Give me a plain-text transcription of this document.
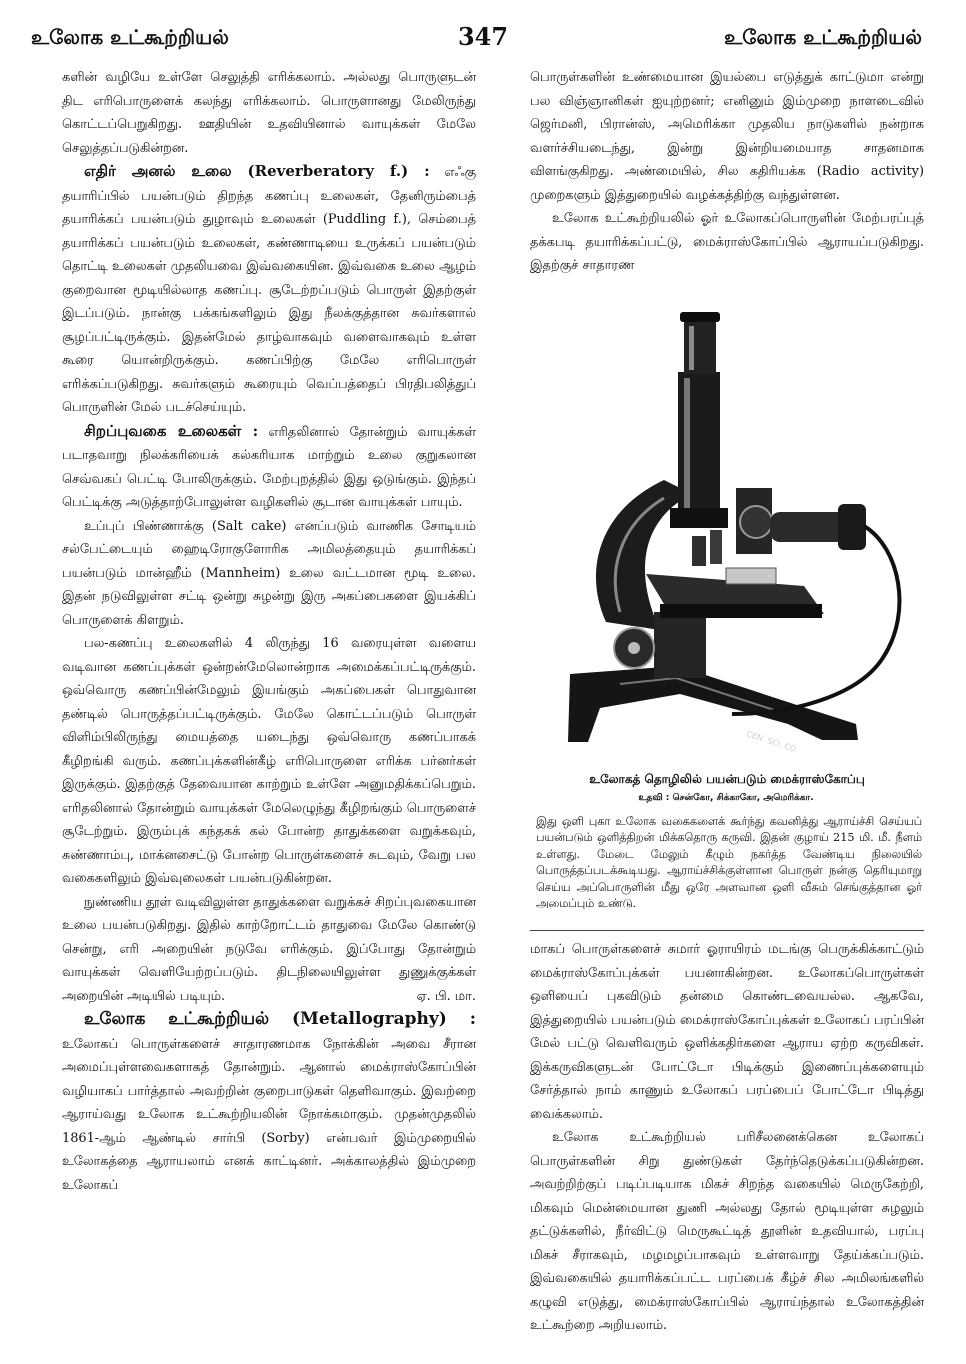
உலோக உட்கூற்றியல்	347	உலோக உட்கூற்றியல்

களின் வழியே உள்ளே செலுத்தி எரிக்கலாம். அல்லது பொருளுடன் திட எரிபொருளைக் கலந்து எரிக்கலாம். பொருளானது மேலிருந்து கொட்டப்பெறுகிறது. ஊதியின் உதவியினால் வாயுக்கள் மேலே செலுத்தப்படுகின்றன.

எதிர் அனல் உலை (Reverberatory f.) : எஃகு தயாரிப்பில் பயன்படும் திறந்த கணப்பு உலைகள், தேனிரும்பைத் தயாரிக்கப் பயன்படும் துழாவும் உலைகள் (Puddling f.), செம்பைத் தயாரிக்கப் பயன்படும் உலைகள், கண்ணாடியை உருக்கப் பயன்படும் தொட்டி உலைகள் முதலியவை இவ்வகையின. இவ்வகை உலை ஆழம் குறைவான மூடியில்லாத கணப்பு. சூடேற்றப்படும் பொருள் இதற்குள் இடப்படும். நான்கு பக்கங்களிலும் இது நீலக்குத்தான சுவர்களால் சூழப்பட்டிருக்கும். இதன்மேல் தாழ்வாகவும் வளைவாகவும் உள்ள கூரை யொன்றிருக்கும். கணப்பிற்கு மேலே எரிபொருள் எரிக்கப்படுகிறது. சுவர்களும் கூரையும் வெப்பத்தைப் பிரதிபலித்துப் பொருளின் மேல் படச்செய்யும்.

சிறப்புவகை உலைகள் : எரிதலினால் தோன்றும் வாயுக்கள் படாதவாறு நிலக்கரியைக் கல்கரியாக மாற்றும் உலை குறுகலான செவ்வகப் பெட்டி போலிருக்கும். மேற்புறத்தில் இது ஒடுங்கும். இந்தப் பெட்டிக்கு அடுத்தாற்போலுள்ள வழிகளில் சூடான வாயுக்கள் பாயும்.

உப்புப் பிண்ணாக்கு (Salt cake) எனப்படும் வாணிக சோடியம் சல்பேட்டையும் ஹைடிரோகுளோரிக அமிலத்தையும் தயாரிக்கப் பயன்படும் மான்ஹீம் (Mannheim) உலை வட்டமான மூடி உலை. இதன் நடுவிலுள்ள சட்டி ஒன்று சுழன்று இரு அகப்பைகளை இயக்கிப் பொருளைக் கிளறும்.

பல-கணப்பு உலைகளில் 4 லிருந்து 16 வரையுள்ள வளைய வடிவான கணப்புக்கள் ஒன்றன்மேலொன்றாக அமைக்கப்பட்டிருக்கும். ஒவ்வொரு கணப்பின்மேலும் இயங்கும் அகப்பைகள் பொதுவான தண்டில் பொருத்தப்பட்டிருக்கும். மேலே கொட்டப்படும் பொருள் விளிம்பிலிருந்து மையத்தை யடைந்து ஒவ்வொரு கணப்பாகக் கீழிறங்கி வரும். கணப்புக்களின்கீழ் எரிபொருளை எரிக்க பர்னர்கள் இருக்கும். இதற்குத் தேவையான காற்றும் உள்ளே அனுமதிக்கப்பெறும். எரிதலினால் தோன்றும் வாயுக்கள் மேலெழுந்து கீழிறங்கும் பொருளைச் சூடேற்றும். இரும்புக் கந்தகக் கல் போன்ற தாதுக்களை வறுக்கவும், சுண்ணாம்பு, மாக்னசைட்டு போன்ற பொருள்களைச் சுடவும், வேறு பல வகைகளிலும் இவ்வுலைகள் பயன்படுகின்றன.

நுண்ணிய தூள் வடிவிலுள்ள தாதுக்களை வறுக்கச் சிறப்புவகையான உலை பயன்படுகிறது. இதில் காற்றோட்டம் தாதுவை மேலே கொண்டு சென்று, எரி அறையின் நடுவே எரிக்கும். இப்போது தோன்றும் வாயுக்கள் வெளியேற்றப்படும். திடநிலையிலுள்ள துணுக்குக்கள் அறையின் அடியில் படியும்.	ஏ. பி. மா.

உலோக உட்கூற்றியல் (Metallography) : உலோகப் பொருள்களைச் சாதாரணமாக நோக்கின் அவை சீரான அமைப்புள்ளவைகளாகத் தோன்றும். ஆனால் மைக்ராஸ்கோப்பின் வழியாகப் பார்த்தால் அவற்றின் குறைபாடுகள் தெளிவாகும். இவற்றை ஆராய்வது உலோக உட்கூற்றியலின் நோக்கமாகும். முதன்முதலில் 1861-ஆம் ஆண்டில் சார்பி (Sorby) என்பவர் இம்முறையில் உலோகத்தை ஆராயலாம் எனக் காட்டினர். அக்காலத்தில் இம்முறை உலோகப்

பொருள்களின் உண்மையான இயல்பை எடுத்துக் காட்டுமா என்று பல விஞ்ஞானிகள் ஐயுற்றனர்; எனினும் இம்முறை நாளடைவில் ஜெர்மனி, பிரான்ஸ், அமெரிக்கா முதலிய நாடுகளில் நன்றாக வளர்ச்சியடைந்து, இன்று இன்றியமையாத சாதனமாக விளங்குகிறது. அண்மையில், சில கதிரியக்க (Radio activity) முறைகளும் இத்துறையில் வழக்கத்திற்கு வந்துள்ளன.

உலோக உட்கூற்றியலில் ஓர் உலோகப்பொருளின் மேற்பரப்புத் தக்கபடி தயாரிக்கப்பட்டு, மைக்ராஸ்கோப்பில் ஆராயப்படுகிறது. இதற்குச் சாதாரண

CEN. SCI. CO.
உலோகத் தொழிலில் பயன்படும் மைக்ராஸ்கோப்பு
உதவி : சென்கோ, சிக்காகோ, அமெரிக்கா.
இது ஒளி புகா உலோக வகைகளைக் கூர்ந்து கவனித்து ஆராய்ச்சி செய்யப் பயன்படும் ஒளித்திறன் மிக்கதொரு கருவி. இதன் குழாய் 215 மி. மீ. நீளம் உள்ளது. மேடை மேலும் கீழும் நகர்த்த வேண்டிய நிலையில் பொருத்தப்படக்கூடியது. ஆராய்ச்சிக்குள்ளான பொருள் நன்கு தெரியுமாறு செய்ய அப்பொருளின் மீது ஒரே அளவான ஒளி வீசும் செங்குத்தான ஓர் அமைப்பும் உண்டு.

மாகப் பொருள்களைச் சுமார் ஓராயிரம் மடங்கு பெருக்கிக்காட்டும் மைக்ராஸ்கோப்புக்கள் பயனாகின்றன. உலோகப்பொருள்கள் ஒளியைப் புகவிடும் தன்மை கொண்டவையல்ல. ஆகவே, இத்துறையில் பயன்படும் மைக்ராஸ்கோப்புக்கள் உலோகப் பரப்பின் மேல் பட்டு வெளிவரும் ஒளிக்கதிர்களை ஆராய ஏற்ற கருவிகள். இக்கருவிகளுடன் போட்டோ பிடிக்கும் இணைப்புக்களையும் சேர்த்தால் நாம் காணும் உலோகப் பரப்பைப் போட்டோ பிடித்து வைக்கலாம்.

உலோக உட்கூற்றியல் பரிசீலனைக்கென உலோகப் பொருள்களின் சிறு துண்டுகள் தேர்ந்தெடுக்கப்படுகின்றன. அவற்றிற்குப் படிப்படியாக மிகச் சிறந்த வகையில் மெருகேற்றி, மிகவும் மென்மையான துணி அல்லது தோல் மூடியுள்ள சுழலும் தட்டுக்களில், நீர்விட்டு மெருகூட்டித் தூளின் உதவியால், பரப்பு மிகச் சீராகவும், மழமழப்பாகவும் உள்ளவாறு தேய்க்கப்படும். இவ்வகையில் தயாரிக்கப்பட்ட பரப்பைக் கீழ்ச் சில அமிலங்களில் கழுவி எடுத்து, மைக்ராஸ்கோப்பில் ஆராய்ந்தால் உலோகத்தின் உட்கூற்றை அறியலாம்.
